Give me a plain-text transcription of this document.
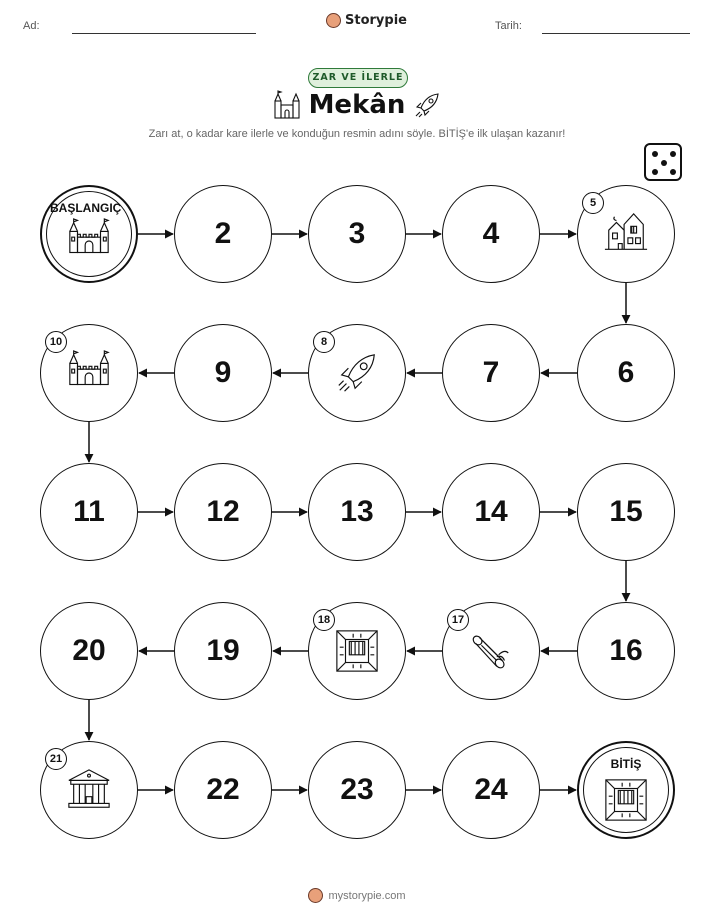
Ad:	Storypie	Tarih:
ZAR VE İLERLE
Mekân
Zarı at, o kadar kare ilerle ve konduğun resmin adını söyle. BİTİŞ'e ilk ulaşan kazanır!
BAŞLANGIÇ
2	3	4
5
6
7
8
9
10
11	12	13	14	15
16
17
18
19
20
21
22	23	24
BİTİŞ
mystorypie.com
